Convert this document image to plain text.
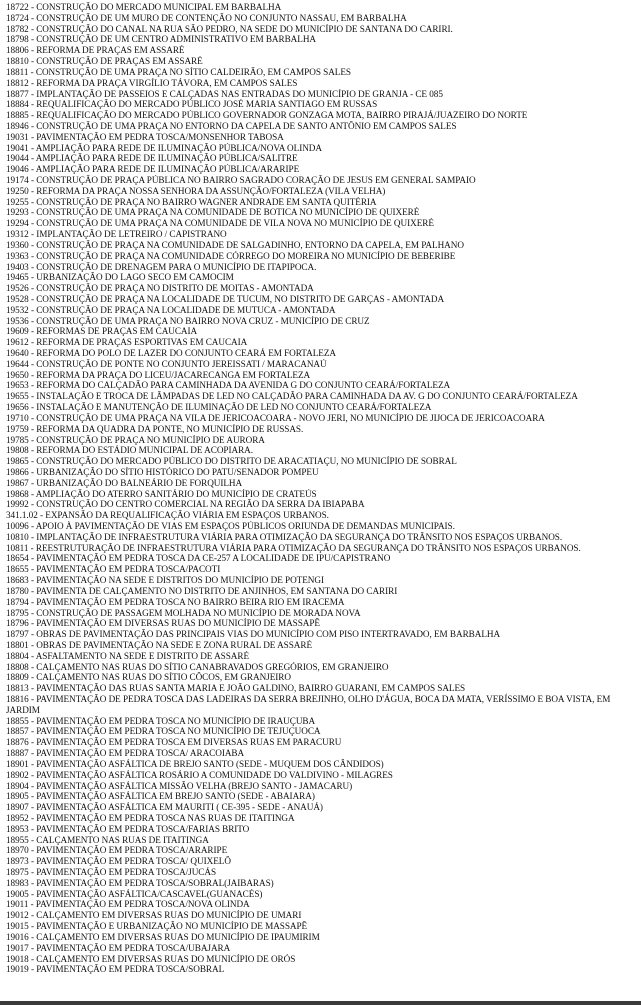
18722 - CONSTRUÇÃO DO MERCADO MUNICIPAL EM BARBALHA
18724 - CONSTRUÇÃO DE UM MURO DE CONTENÇÃO NO CONJUNTO NASSAU, EM BARBALHA
18782 - CONSTRUÇÃO DO CANAL NA RUA SÃO PEDRO, NA SEDE DO MUNICÍPIO DE SANTANA DO CARIRI.
18798 - CONSTRUÇÃO DE UM CENTRO ADMINISTRATIVO EM BARBALHA
18806 - REFORMA DE PRAÇAS EM ASSARÉ
18810 - CONSTRUÇÃO DE PRAÇAS EM ASSARÉ
18811 - CONSTRUÇÃO DE UMA PRAÇA NO SÍTIO CALDEIRÃO, EM CAMPOS SALES
18812 - REFORMA DA PRAÇA VIRGÍLIO TÁVORA, EM CAMPOS SALES
18877 - IMPLANTAÇÃO DE PASSEIOS E CALÇADAS NAS ENTRADAS DO MUNICÍPIO DE GRANJA - CE 085
18884 - REQUALIFICAÇÃO DO MERCADO PÚBLICO JOSÉ MARIA SANTIAGO EM RUSSAS
18885 - REQUALIFICAÇÃO DO MERCADO PÚBLICO GOVERNADOR GONZAGA MOTA, BAIRRO PIRAJÁ/JUAZEIRO DO NORTE
18946 - CONSTRUÇÃO DE UMA PRAÇA NO ENTORNO DA CAPELA DE SANTO ANTÔNIO EM CAMPOS SALES
19031 - PAVIMENTAÇÃO EM PEDRA TOSCA/MONSENHOR TABOSA
19041 - AMPLIAÇÃO PARA REDE DE ILUMINAÇÃO PÚBLICA/NOVA OLINDA
19044 - AMPLIAÇÃO PARA REDE DE ILUMINAÇÃO PÚBLICA/SALITRE
19046 - AMPLIAÇÃO PARA REDE DE ILUMINAÇÃO PÚBLICA/ARARIPE
19174 - CONSTRUÇÃO DE PRAÇA PÚBLICA NO BAIRRO SAGRADO CORAÇÃO DE JESUS EM GENERAL SAMPAIO
19250 - REFORMA DA PRAÇA NOSSA SENHORA DA ASSUNÇÃO/FORTALEZA (VILA VELHA)
19255 - CONSTRUÇÃO DE PRAÇA NO BAIRRO WAGNER ANDRADE EM SANTA QUITÉRIA
19293 - CONSTRUÇÃO DE UMA PRAÇA NA COMUNIDADE DE BOTICA NO MUNICÍPIO DE QUIXERÉ
19294 - CONSTRUÇÃO DE UMA PRAÇA NA COMUNIDADE DE VILA NOVA NO MUNICÍPIO DE QUIXERÉ
19312 - IMPLANTAÇÃO DE LETREIRO / CAPISTRANO
19360 - CONSTRUÇÃO DE PRAÇA NA COMUNIDADE DE SALGADINHO, ENTORNO DA CAPELA, EM PALHANO
19363 - CONSTRUÇÃO DE PRAÇA NA COMUNIDADE CÓRREGO DO MOREIRA NO MUNICÍPIO DE BEBERIBE
19403 - CONSTRUÇÃO DE DRENAGEM PARA O MUNICÍPIO DE ITAPIPOCA.
19465 - URBANIZAÇÃO DO LAGO SECO EM CAMOCIM
19526 - CONSTRUÇÃO DE PRAÇA NO DISTRITO DE MOITAS - AMONTADA
19528 - CONSTRUÇÃO DE PRAÇA NA LOCALIDADE DE TUCUM, NO DISTRITO DE GARÇAS - AMONTADA
19532 - CONSTRUÇÃO DE PRAÇA NA LOCALIDADE DE MUTUCA - AMONTADA
19536 - CONSTRUÇÃO DE UMA PRAÇA NO BAIRRO NOVA CRUZ - MUNICÍPIO DE CRUZ
19609 - REFORMAS DE PRAÇAS EM CAUCAIA
19612 - REFORMA DE PRAÇAS ESPORTIVAS EM CAUCAIA
19640 - REFORMA DO POLO DE LAZER DO CONJUNTO CEARÁ EM FORTALEZA
19644 - CONSTRUÇÃO DE PONTE NO CONJUNTO JEREISSATI / MARACANAÚ
19650 - REFORMA DA PRAÇA DO LICEU/JACARECANGA EM FORTALEZA
19653 - REFORMA DO CALÇADÃO PARA CAMINHADA DA AVENIDA G DO CONJUNTO CEARÁ/FORTALEZA
19655 - INSTALAÇÃO E TROCA DE LÂMPADAS DE LED NO CALÇADÃO PARA CAMINHADA DA AV. G DO CONJUNTO CEARÁ/FORTALEZA
19656 - INSTALAÇÃO E MANUTENÇÃO DE ILUMINAÇÃO DE LED NO CONJUNTO CEARÁ/FORTALEZA
19710 - CONSTRUÇÃO DE UMA PRAÇA NA VILA DE JERICOACOARA - NOVO JERI, NO MUNICÍPIO DE JIJOCA DE JERICOACOARA
19759 - REFORMA DA QUADRA DA PONTE, NO MUNICÍPIO DE RUSSAS.
19785 - CONSTRUÇÃO DE PRAÇA NO MUNICÍPIO DE AURORA
19808 - REFORMA DO ESTÁDIO MUNICIPAL DE ACOPIARA.
19865 - CONSTRUÇÃO DO MERCADO PÚBLICO DO DISTRITO DE ARACATIAÇU, NO MUNICÍPIO DE SOBRAL
19866 - URBANIZAÇÃO DO SÍTIO HISTÓRICO DO PATU/SENADOR POMPEU
19867 - URBANIZAÇÃO DO BALNEÁRIO DE FORQUILHA
19868 - AMPLIAÇÃO DO ATERRO SANITÁRIO DO MUNICÍPIO DE CRATEÚS
19992 - CONSTRUÇÃO DO CENTRO COMERCIAL NA REGIÃO DA SERRA DA IBIAPABA
341.1.02 - EXPANSÃO DA REQUALIFICAÇÃO VIÁRIA EM ESPAÇOS URBANOS.
10096 - APOIO À PAVIMENTAÇÃO DE VIAS EM ESPAÇOS PÚBLICOS ORIUNDA DE DEMANDAS MUNICIPAIS.
10810 - IMPLANTAÇÃO DE INFRAESTRUTURA VIÁRIA PARA OTIMIZAÇÃO DA SEGURANÇA DO TRÂNSITO NOS ESPAÇOS URBANOS.
10811 - REESTRUTURAÇÃO DE INFRAESTRUTURA VIÁRIA PARA OTIMIZAÇÃO DA SEGURANÇA DO TRÂNSITO NOS ESPAÇOS URBANOS.
18654 - PAVIMENTAÇÃO EM PEDRA TOSCA DA CE-257 A LOCALIDADE DE IPU/CAPISTRANO
18655 - PAVIMENTAÇÃO EM PEDRA TOSCA/PACOTI
18683 - PAVIMENTAÇÃO NA SEDE E DISTRITOS DO MUNICÍPIO DE POTENGI
18780 - PAVIMENTA DE CALÇAMENTO NO DISTRITO DE ANJINHOS, EM SANTANA DO CARIRI
18794 - PAVIMENTAÇÃO EM PEDRA TOSCA NO BAIRRO BEIRA RIO EM IRACEMA
18795 - CONSTRUÇÃO DE PASSAGEM MOLHADA NO MUNICÍPIO DE MORADA NOVA
18796 - PAVIMENTAÇÃO EM DIVERSAS RUAS DO MUNICÍPIO DE MASSAPÊ
18797 - OBRAS DE PAVIMENTAÇÃO DAS PRINCIPAIS VIAS DO MUNICÍPIO COM PISO INTERTRAVADO, EM BARBALHA
18801 - OBRAS DE PAVIMENTAÇÃO NA SEDE E ZONA RURAL DE ASSARÉ
18804 - ASFALTAMENTO NA SEDE E DISTRITO DE ASSARÉ
18808 - CALÇAMENTO NAS RUAS DO SÍTIO CANABRAVADOS GREGÓRIOS, EM GRANJEIRO
18809 - CALÇAMENTO NAS RUAS DO SÍTIO CÔCOS, EM GRANJEIRO
18813 - PAVIMENTAÇÃO DAS RUAS SANTA MARIA E JOÃO GALDINO, BAIRRO GUARANI, EM CAMPOS SALES
18816 - PAVIMENTAÇÃO DE PEDRA TOSCA DAS LADEIRAS DA SERRA BREJINHO, OLHO D'ÁGUA, BOCA DA MATA, VERÍSSIMO E BOA VISTA, EM JARDIM
18855 - PAVIMENTAÇÃO EM PEDRA TOSCA NO MUNICÍPIO DE IRAUÇUBA
18857 - PAVIMENTAÇÃO EM PEDRA TOSCA NO MUNICÍPIO DE TEJUÇUOCA
18876 - PAVIMENTAÇÃO EM PEDRA TOSCA EM DIVERSAS RUAS EM PARACURU
18887 - PAVIMENTAÇÃO EM PEDRA TOSCA/ ARACOIABA
18901 - PAVIMENTAÇÃO ASFÁLTICA DE BREJO SANTO (SEDE - MUQUEM DOS CÂNDIDOS)
18902 - PAVIMENTAÇÃO ASFÁLTICA ROSÁRIO A COMUNIDADE DO VALDIVINO - MILAGRES
18904 - PAVIMENTAÇÃO ASFÁLTICA MISSÃO VELHA (BREJO SANTO - JAMACARU)
18905 - PAVIMENTAÇÃO ASFÁLTICA EM BREJO SANTO (SEDE - ABAIARA)
18907 - PAVIMENTAÇÃO ASFÁLTICA EM MAURITI ( CE-395 - SEDE - ANAUÁ)
18952 - PAVIMENTAÇÃO EM PEDRA TOSCA NAS RUAS DE ITAITINGA
18953 - PAVIMENTAÇÃO EM PEDRA TOSCA/FARIAS BRITO
18955 - CALÇAMENTO NAS RUAS DE ITAITINGA
18970 - PAVIMENTAÇÃO EM PEDRA TOSCA/ARARIPE
18973 - PAVIMENTAÇÃO EM PEDRA TOSCA/ QUIXELÔ
18975 - PAVIMENTAÇÃO EM PEDRA TOSCA/JUCÁS
18983 - PAVIMENTAÇÃO EM PEDRA TOSCA/SOBRAL(JAIBARAS)
19005 - PAVIMENTAÇÃO ASFÁLTICA/CASCAVEL(GUANACÉS)
19011 - PAVIMENTAÇÃO EM PEDRA TOSCA/NOVA OLINDA
19012 - CALÇAMENTO EM DIVERSAS RUAS DO MUNICÍPIO DE UMARI
19015 - PAVIMENTAÇÃO E URBANIZAÇÃO NO MUNICÍPIO DE MASSAPÊ
19016 - CALÇAMENTO EM DIVERSAS RUAS DO MUNICÍPIO DE IPAUMIRIM
19017 - PAVIMENTAÇÃO EM PEDRA TOSCA/UBAJARA
19018 - CALÇAMENTO EM DIVERSAS RUAS DO MUNICÍPIO DE ORÓS
19019 - PAVIMENTAÇÃO EM PEDRA TOSCA/SOBRAL
